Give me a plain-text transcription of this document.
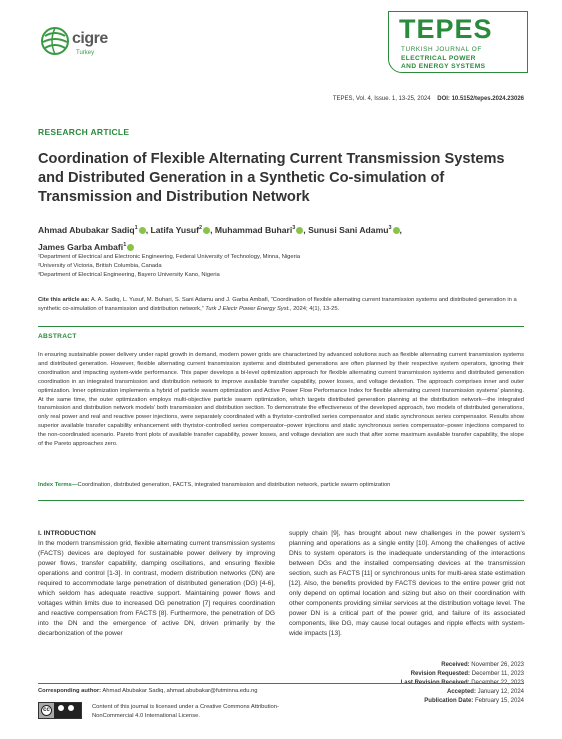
cigre
Turkey
TEPES
TURKISH JOURNAL OF
ELECTRICAL POWER
AND ENERGY SYSTEMS
TEPES, Vol. 4, Issue. 1, 13-25, 2024 DOI: 10.5152/tepes.2024.23026
RESEARCH ARTICLE
Coordination of Flexible Alternating Current Transmission Systems and Distributed Generation in a Synthetic Co-simulation of Transmission and Distribution Network
Ahmad Abubakar Sadiq$^1$ , Latifa Yusuf$^2$ , Muhammad Buhari$^3$ , Sunusi Sani Adamu$^3$ ,
James Garba Ambafi$^1$
¹Department of Electrical and Electronic Engineering, Federal University of Technology, Minna, Nigeria
²University of Victoria, British Columbia, Canada
³Department of Electrical Engineering, Bayero University Kano, Nigeria
Cite this article as: A. A. Sadiq, L. Yusuf, M. Buhari, S. Sani Adamu and J. Garba Ambafi, “Coordination of flexible alternating current transmission systems and distributed generation in a synthetic co-simulation of transmission and distribution network,” Turk J Electr Power Energy Syst., 2024; 4(1), 13-25.
ABSTRACT
In ensuring sustainable power delivery under rapid growth in demand, modern power grids are characterized by advanced solutions such as flexible alternating current transmission systems and distributed generation. However, flexible alternating current transmission systems and distributed generations are often planned by their respective system operators, ignoring their coordination and impacting system-wide performance. This paper develops a bi-level optimization approach for flexible alternating current transmission systems and distributed generation coordination in an integrated transmission and distribution network to improve available transfer capability, power losses, and voltage deviation. The approach comprises inner and outer optimization. Inner optimization implements a hybrid of particle swarm optimization and Active Power Flow Performance Index for flexible alternating current transmission systems’ planning. At the same time, the outer optimization employs multi-objective particle swarm optimization, which targets distributed generation planning at the distribution network—the integrated transmission and distribution network models’ both transmission and distribution section. To demonstrate the effectiveness of the developed approach, two models of distributed generations, only real power and real and reactive power injections, were separately coordinated with a thyristor-controlled series compensator and static synchronous series compensator. Results show superior available transfer capability enhancement with thyristor-controlled series compensator–power injections and static synchronous series compensator–power injections compared to the non-coordinated scenario. Pareto front plots of available transfer capability, power losses, and voltage deviation are such that after some maximum available transfer capability, the slope of the Pareto approaches zero.
Index Terms—Coordination, distributed generation, FACTS, integrated transmission and distribution network, particle swarm optimization
I. INTRODUCTION
In the modern transmission grid, flexible alternating current transmission systems (FACTS) devices are deployed for sustainable power delivery by improving power flows, transfer capability, damping oscillations, and ensuring flexible operations and control [1-3]. In contrast, modern distribution networks (DN) are required to accommodate large penetration of distributed generation (DG) [4-6], which seldom has adequate reactive support. Maintaining power flows and voltages within limits due to increased DG penetration [7] requires coordination and reactive compensation from FACTS [8]. Furthermore, the penetration of DG into the DN and the emergence of active DN, driven primarily by the decarbonization of the power
supply chain [9], has brought about new challenges in the power system’s planning and operations as a single entity [10]. Among the challenges of active DNs to system operators is the inadequate understanding of the interactions between DGs and the installed compensating devices at the transmission section, such as FACTS [11] or synchronous units for multi-area state estimation [12]. Also, the benefits provided by FACTS devices to the entire power grid not only depend on optimal location and sizing but also on their coordination with other components providing similar services at the distribution voltage level. The power DN is a critical part of the power grid, and failure of its associated components, like DG, may cause local outages and ripple effects with system-wide impacts [13].
Received: November 26, 2023
Revision Requested: December 11, 2023
Last Revision Received: December 22, 2023
Accepted: January 12, 2024
Publication Date: February 15, 2024
Corresponding author: Ahmad Abubakar Sadiq, ahmad.abubakar@futminna.edu.ng
cc	Content of this journal is licensed under a Creative Commons Attribution-NonCommercial 4.0 International License.
